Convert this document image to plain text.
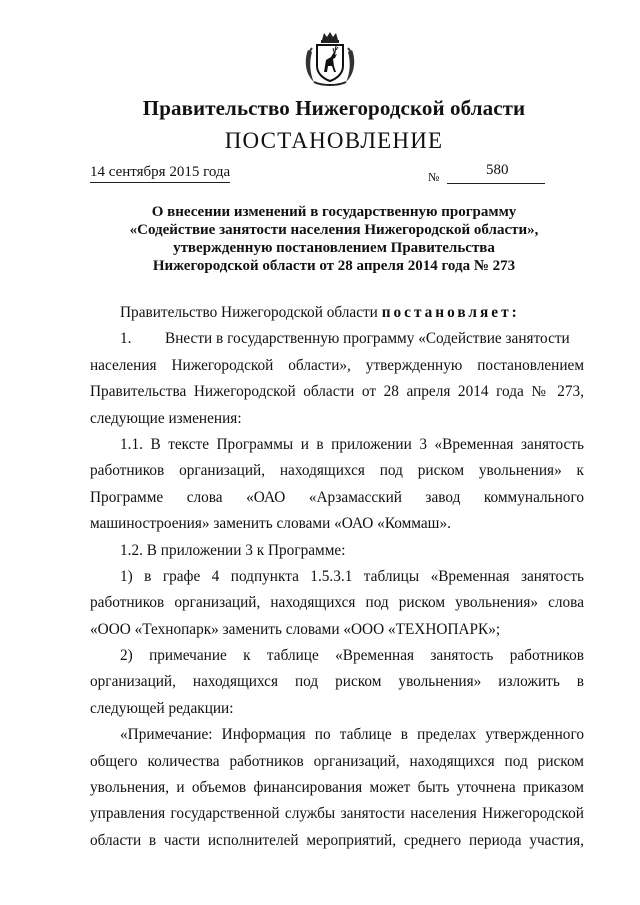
Правительство Нижегородской области
ПОСТАНОВЛЕНИЕ
14 сентября 2015 года	№	580
О внесении изменений в государственную программу
«Содействие занятости населения Нижегородской области»,
утвержденную постановлением Правительства
Нижегородской области от 28 апреля 2014 года № 273
Правительство Нижегородской области постановляет:
1. Внести в государственную программу «Содействие занятости
населения Нижегородской области», утвержденную постановлением
Правительства Нижегородской области от 28 апреля 2014 года № 273,
следующие изменения:
1.1. В тексте Программы и в приложении 3 «Временная занятость
работников организаций, находящихся под риском увольнения» к
Программе слова «ОАО «Арзамасский завод коммунального
машиностроения» заменить словами «ОАО «Коммаш».
1.2. В приложении 3 к Программе:
1) в графе 4 подпункта 1.5.3.1 таблицы «Временная занятость
работников организаций, находящихся под риском увольнения» слова
«ООО «Технопарк» заменить словами «ООО «ТЕХНОПАРК»;
2) примечание к таблице «Временная занятость работников
организаций, находящихся под риском увольнения» изложить в
следующей редакции:
«Примечание: Информация по таблице в пределах утвержденного
общего количества работников организаций, находящихся под риском
увольнения, и объемов финансирования может быть уточнена приказом
управления государственной службы занятости населения Нижегородской
области в части исполнителей мероприятий, среднего периода участия,
